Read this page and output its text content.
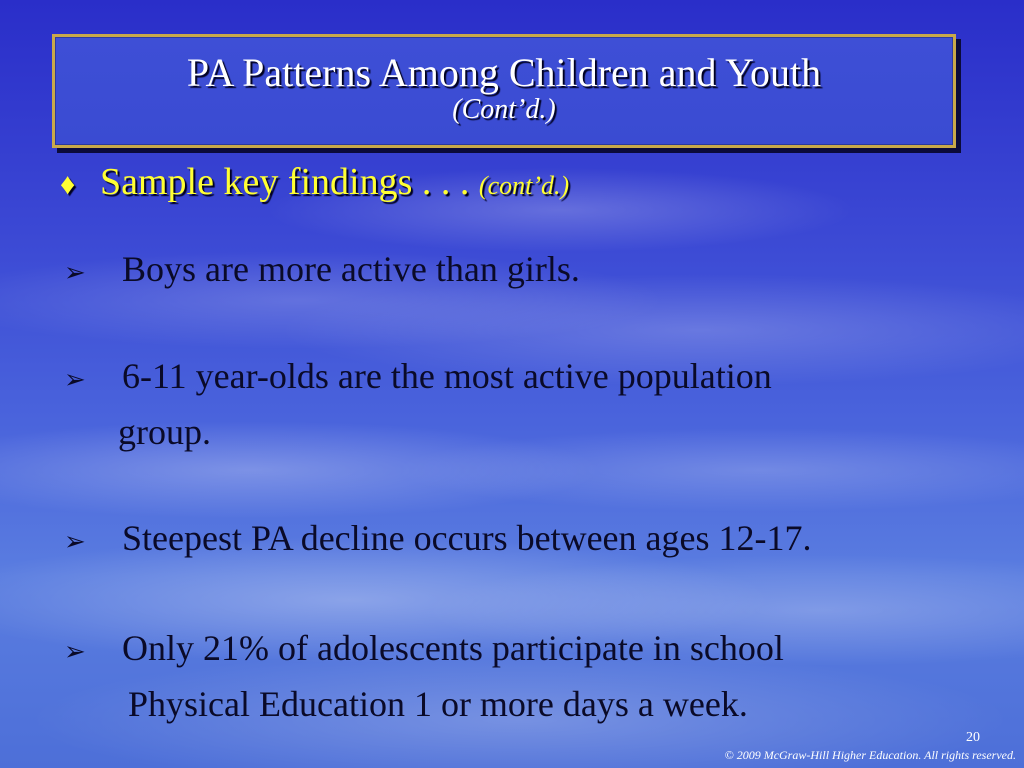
PA Patterns Among Children and Youth
(Cont’d.)
♦ Sample key findings . . . (cont’d.)
➢ Boys are more active than girls.
➢ 6-11 year-olds are the most active population
group.
➢ Steepest PA decline occurs between ages 12-17.
➢ Only 21% of adolescents participate in school
Physical Education 1 or more days a week.
20
© 2009 McGraw-Hill Higher Education. All rights reserved.
